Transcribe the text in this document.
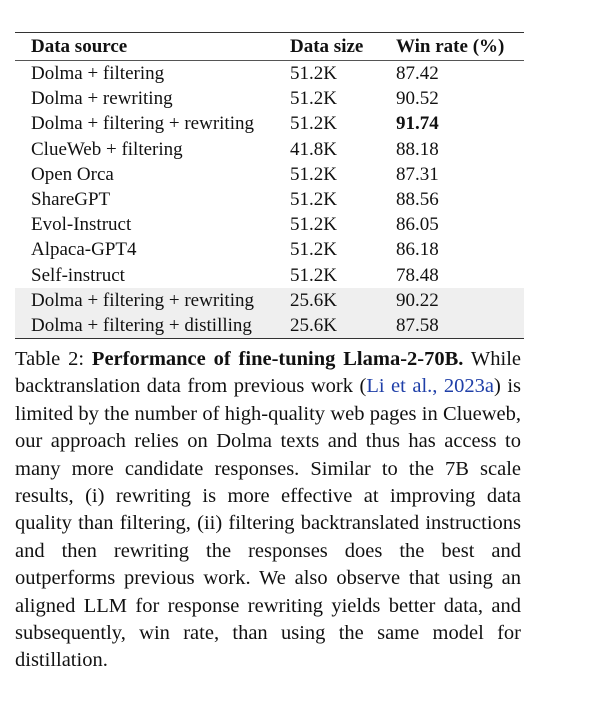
Data source	Data size	Win rate (%)
Dolma + filtering	51.2K	87.42
Dolma + rewriting	51.2K	90.52
Dolma + filtering + rewriting	51.2K	91.74
ClueWeb + filtering	41.8K	88.18
Open Orca	51.2K	87.31
ShareGPT	51.2K	88.56
Evol-Instruct	51.2K	86.05
Alpaca-GPT4	51.2K	86.18
Self-instruct	51.2K	78.48
Dolma + filtering + rewriting	25.6K	90.22
Dolma + filtering + distilling	25.6K	87.58
Table 2: Performance of fine-tuning Llama-2-70B. While backtranslation data from previous work (Li et al., 2023a) is limited by the number of high-quality web pages in Clueweb, our approach relies on Dolma texts and thus has access to many more candidate responses. Similar to the 7B scale results, (i) rewriting is more effective at improving data quality than filtering, (ii) filtering backtranslated instructions and then rewriting the responses does the best and outperforms previous work. We also observe that using an aligned LLM for response rewriting yields better data, and subsequently, win rate, than using the same model for distillation.
